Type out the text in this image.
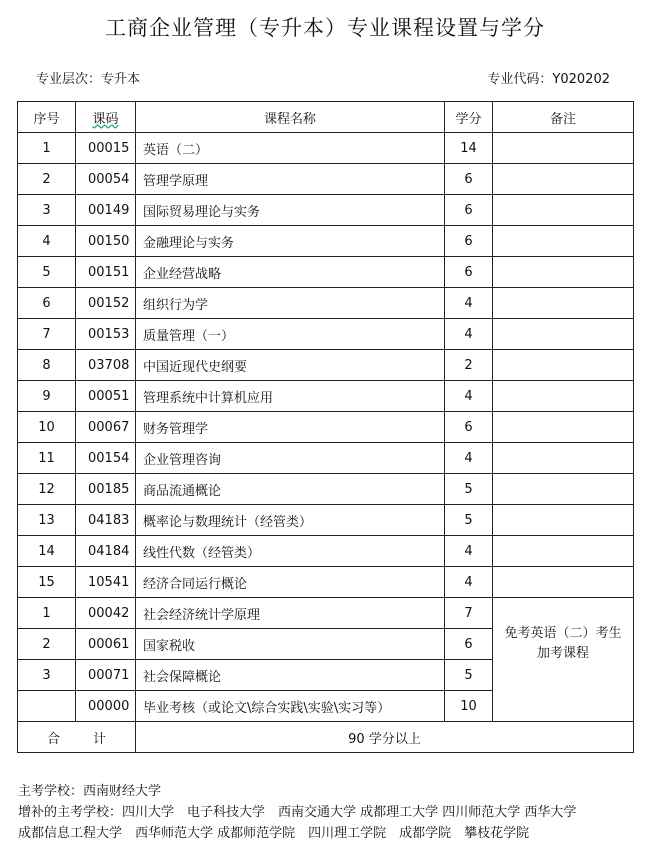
工商企业管理（专升本）专业课程设置与学分
专业层次：专升本	专业代码：Y020202
序号	课码	课程名称	学分	备注
1	00015	英语（二）	14	
2	00054	管理学原理	6	
3	00149	国际贸易理论与实务	6	
4	00150	金融理论与实务	6	
5	00151	企业经营战略	6	
6	00152	组织行为学	4	
7	00153	质量管理（一）	4	
8	03708	中国近现代史纲要	2	
9	00051	管理系统中计算机应用	4	
10	00067	财务管理学	6	
11	00154	企业管理咨询	4	
12	00185	商品流通概论	5	
13	04183	概率论与数理统计（经管类）	5	
14	04184	线性代数（经管类）	4	
15	10541	经济合同运行概论	4	
1	00042	社会经济统计学原理	7	免考英语（二）考生
加考课程

2	00061	国家税收	6	
3	00071	社会保障概论	5	
	00000	毕业考核（或论文\综合实践\实验\实习等）	10	
合 计		90 学分以上		
主考学校：西南财经大学
增补的主考学校：四川大学　电子科技大学　西南交通大学 成都理工大学 四川师范大学 西华大学
成都信息工程大学　西华师范大学 成都师范学院　四川理工学院　成都学院　攀枝花学院
